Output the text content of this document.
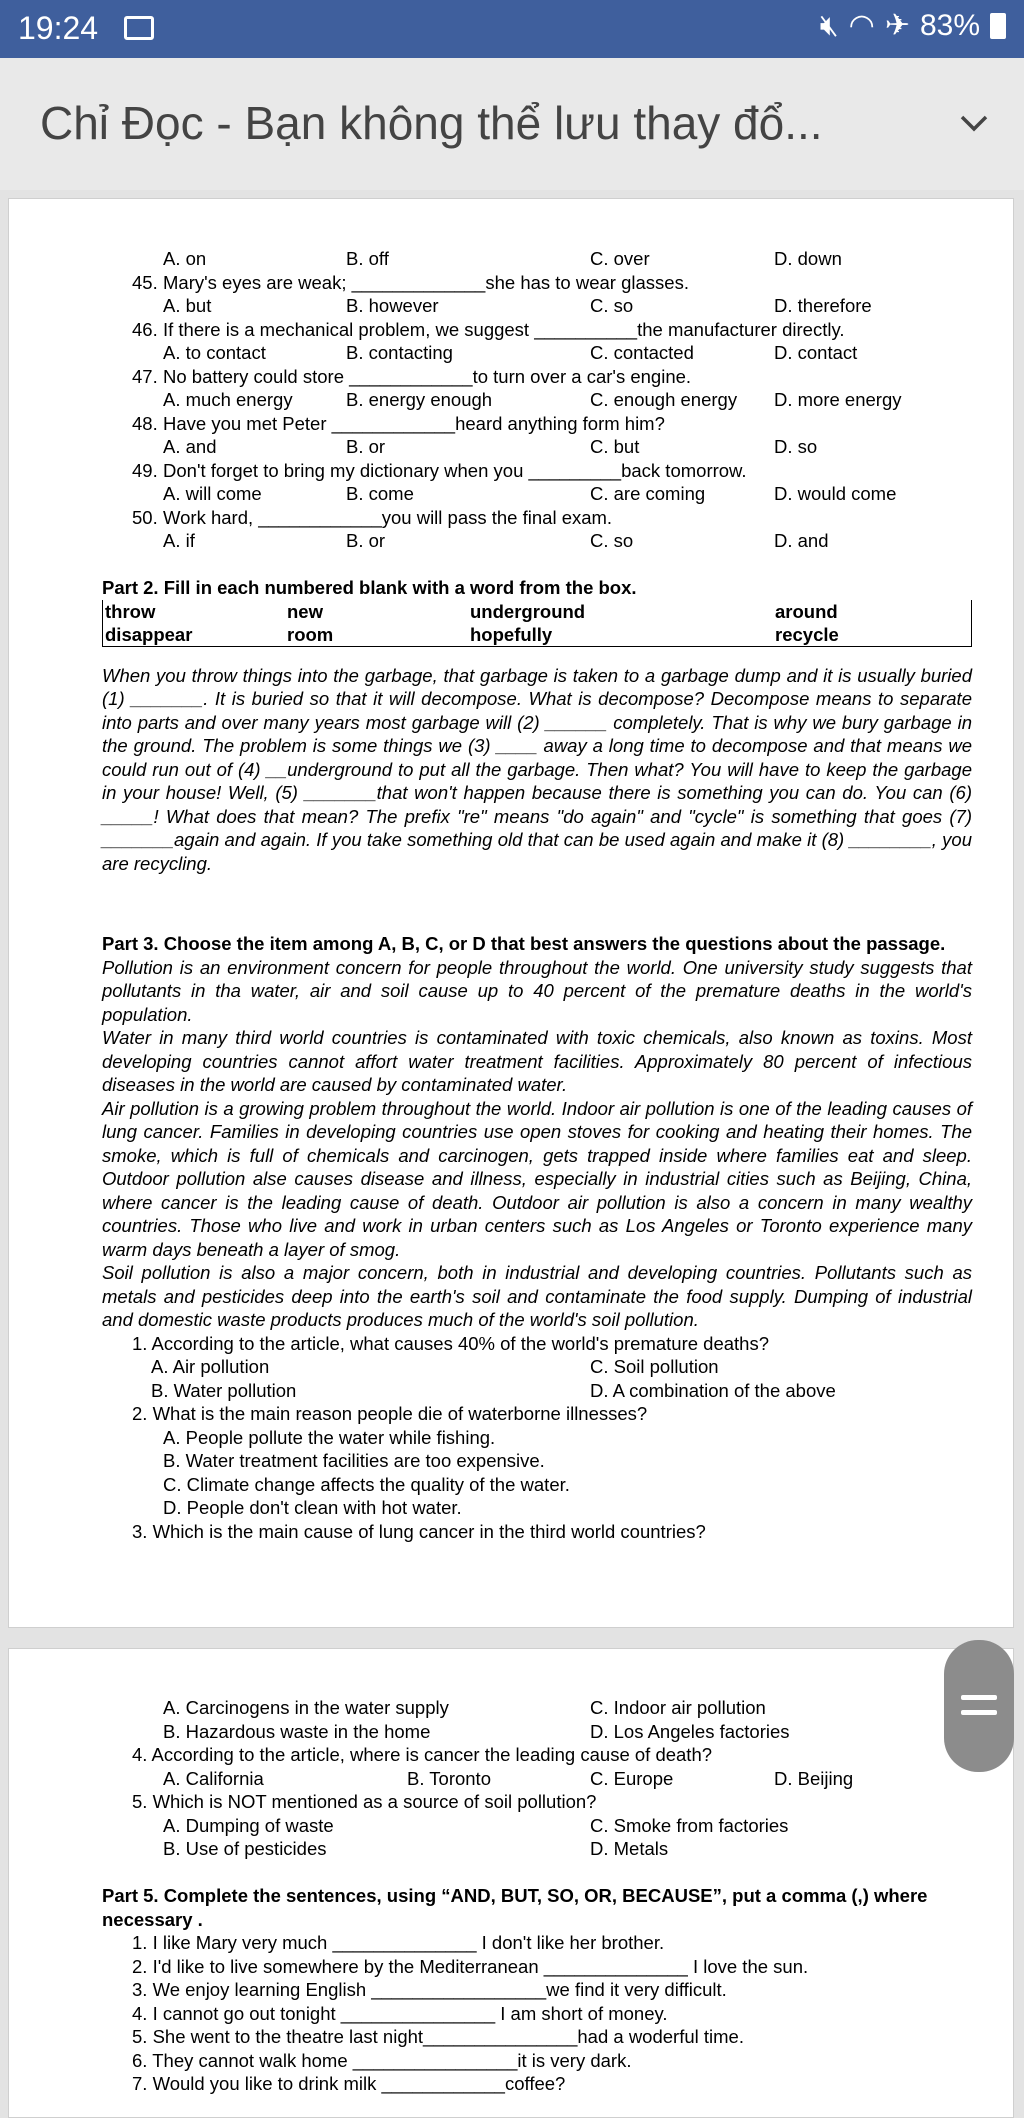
19:24	🔇︎ ◠ ✈ 83%
Chỉ Đọc - Bạn không thể lưu thay đổ...
A. on	B. off	C. over	D. down
45. Mary's eyes are weak; _____________she has to wear glasses.
A. but	B. however	C. so	D. therefore
46. If there is a mechanical problem, we suggest __________the manufacturer directly.
A. to contact	B. contacting	C. contacted	D. contact
47. No battery could store ____________to turn over a car's engine.
A. much energy	B. energy enough	C. enough energy D. more energy
48. Have you met Peter ____________heard anything form him?
A. and	B. or	C. but	D. so
49. Don't forget to bring my dictionary when you _________back tomorrow.
A. will come	B. come	C. are coming	D. would come
50. Work hard, ____________you will pass the final exam.
A. if	B. or	C. so	D. and
Part 2. Fill in each numbered blank with a word from the box.
throw	new	underground	around
disappear	room	hopefully	recycle
When you throw things into the garbage, that garbage is taken to a garbage dump and it is usually buried (1) _______. It is buried so that it will decompose. What is decompose? Decompose means to separate into parts and over many years most garbage will (2) ______ completely. That is why we bury garbage in the ground. The problem is some things we (3) ____ away a long time to decompose and that means we could run out of (4) __underground to put all the garbage. Then what? You will have to keep the garbage in your house! Well, (5) _______that won't happen because there is something you can do. You can (6) _____! What does that mean? The prefix "re" means "do again" and "cycle" is something that goes (7) _______again and again. If you take something old that can be used again and make it (8) ________, you are recycling.
Part 3. Choose the item among A, B, C, or D that best answers the questions about the passage.
Pollution is an environment concern for people throughout the world. One university study suggests that pollutants in tha water, air and soil cause up to 40 percent of the premature deaths in the world's population.
Water in many third world countries is contaminated with toxic chemicals, also known as toxins. Most developing countries cannot affort water treatment facilities. Approximately 80 percent of infectious diseases in the world are caused by contaminated water.
Air pollution is a growing problem throughout the world. Indoor air pollution is one of the leading causes of lung cancer. Families in developing countries use open stoves for cooking and heating their homes. The smoke, which is full of chemicals and carcinogen, gets trapped inside where families eat and sleep. Outdoor pollution alse causes disease and illness, especially in industrial cities such as Beijing, China, where cancer is the leading cause of death. Outdoor air pollution is also a concern in many wealthy countries. Those who live and work in urban centers such as Los Angeles or Toronto experience many warm days beneath a layer of smog.
Soil pollution is also a major concern, both in industrial and developing countries. Pollutants such as metals and pesticides deep into the earth's soil and contaminate the food supply. Dumping of industrial and domestic waste products produces much of the world's soil pollution.
1. According to the article, what causes 40% of the world's premature deaths?
A. Air pollution	C. Soil pollution
B. Water pollution	D. A combination of the above
2. What is the main reason people die of waterborne illnesses?
A. People pollute the water while fishing.
B. Water treatment facilities are too expensive.
C. Climate change affects the quality of the water.
D. People don't clean with hot water.
3. Which is the main cause of lung cancer in the third world countries?
A. Carcinogens in the water supply	C. Indoor air pollution
B. Hazardous waste in the home	D. Los Angeles factories
4. According to the article, where is cancer the leading cause of death?
A. California	B. Toronto	C. Europe	D. Beijing
5. Which is NOT mentioned as a source of soil pollution?
A. Dumping of waste	C. Smoke from factories
B. Use of pesticides	D. Metals
Part 5. Complete the sentences, using “AND, BUT, SO, OR, BECAUSE”, put a comma (,) where necessary .
1. I like Mary very much ______________ I don't like her brother.
2. I'd like to live somewhere by the Mediterranean ______________ I love the sun.
3. We enjoy learning English _________________we find it very difficult.
4. I cannot go out tonight _______________ I am short of money.
5. She went to the theatre last night_______________had a woderful time.
6. They cannot walk home ________________it is very dark.
7. Would you like to drink milk ____________coffee?
